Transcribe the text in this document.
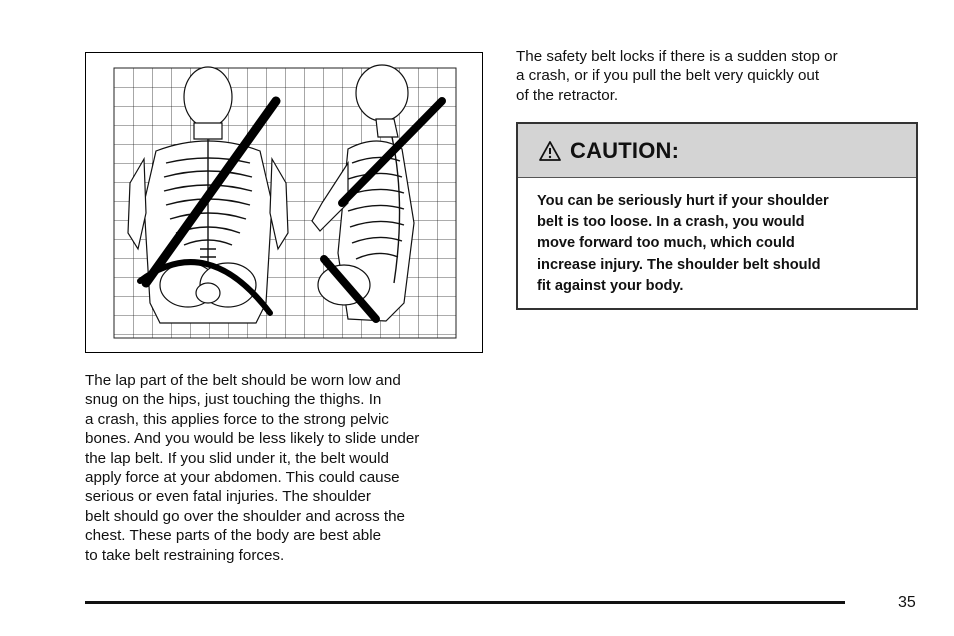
The lap part of the belt should be worn low and
snug on the hips, just touching the thighs. In
a crash, this applies force to the strong pelvic
bones. And you would be less likely to slide under
the lap belt. If you slid under it, the belt would
apply force at your abdomen. This could cause
serious or even fatal injuries. The shoulder
belt should go over the shoulder and across the
chest. These parts of the body are best able
to take belt restraining forces.

The safety belt locks if there is a sudden stop or
a crash, or if you pull the belt very quickly out
of the retractor.

CAUTION:
You can be seriously hurt if your shoulder
belt is too loose. In a crash, you would
move forward too much, which could
increase injury. The shoulder belt should
fit against your body.
35
